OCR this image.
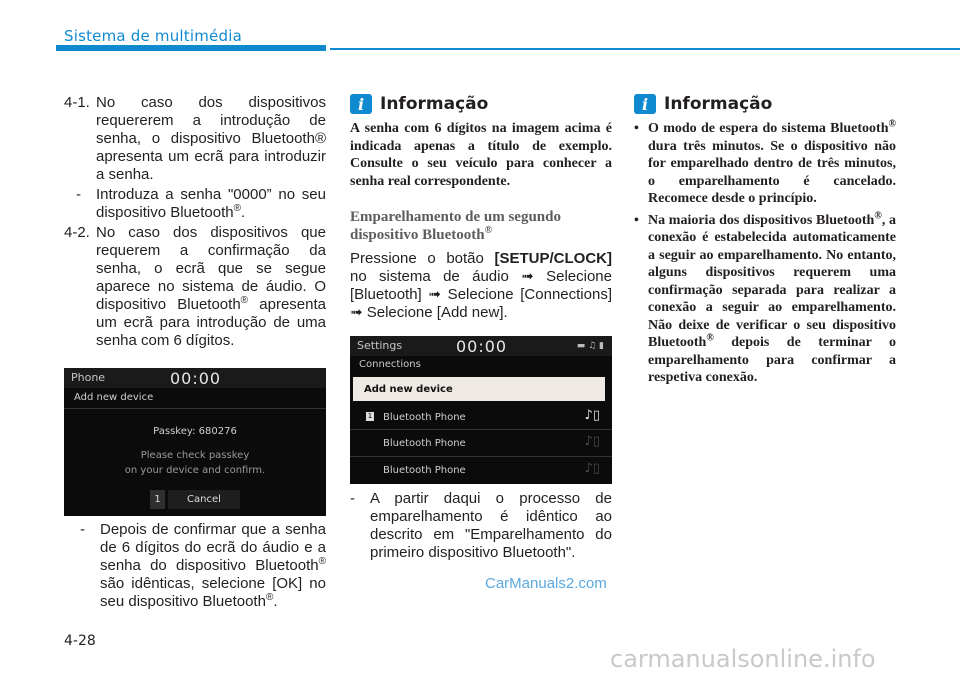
Sistema de multimédia
4-1. No caso dos dispositivos requererem a introdução de senha, o dispositivo Bluetooth® apresenta um ecrã para introduzir a senha.
-	Introduza a senha "0000” no seu dispositivo Bluetooth®.
4-2. No caso dos dispositivos que requerem a confirmação da senha, o ecrã que se segue aparece no sistema de áudio. O dispositivo Bluetooth® apresenta um ecrã para introdução de uma senha com 6 dígitos.
Phone	00:00
Add new device
Passkey: 680276
Please check passkey
on your device and confirm.
1	Cancel
-	Depois de confirmar que a senha de 6 dígitos do ecrã do áudio e a senha do dispositivo Bluetooth® são idênticas, selecione [OK] no seu dispositivo Bluetooth®.
i Informação
A senha com 6 dígitos na imagem acima é indicada apenas a título de exemplo. Consulte o seu veículo para conhecer a senha real correspondente.
Emparelhamento de um segundo dispositivo Bluetooth®
Pressione o botão [SETUP/CLOCK] no sistema de áudio ➟ Selecione [Bluetooth] ➟ Selecione [Connections] ➟ Selecione [Add new].
Settings	00:00	▬ ♫ ▮
Connections
Add new device
1 Bluetooth Phone	♪▯
Bluetooth Phone	♪▯
Bluetooth Phone	♪▯
-	A partir daqui o processo de emparelhamento é idêntico ao descrito em "Emparelhamento do primeiro dispositivo Bluetooth".
i Informação
• O modo de espera do sistema Bluetooth® dura três minutos. Se o dispositivo não for emparelhado dentro de três minutos, o emparelhamento é cancelado. Recomece desde o princípio.
• Na maioria dos dispositivos Bluetooth®, a conexão é estabelecida automaticamente a seguir ao emparelhamento. No entanto, alguns dispositivos requerem uma confirmação separada para realizar a conexão a seguir ao emparelhamento. Não deixe de verificar o seu dispositivo Bluetooth® depois de terminar o emparelhamento para confirmar a respetiva conexão.
CarManuals2.com
carmanualsonline.info
4-28
